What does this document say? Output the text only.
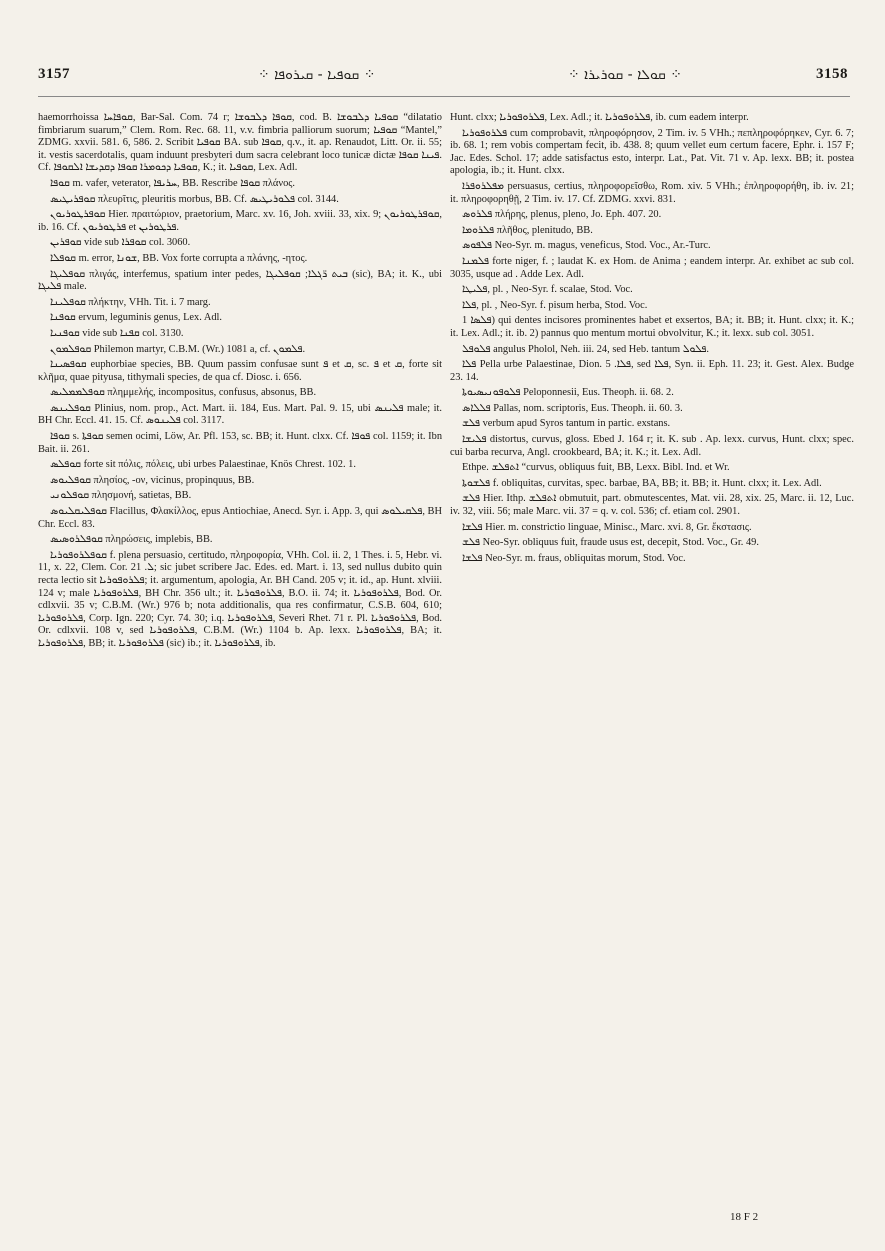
3157	⁘ ܩܘܦܝܐ - ܩܝܪܘܦܐ ⁘	⁘ ܩܘܠܐ - ܩܘܪܝܪܐ ⁘	3158

haemorrhoissa ܩܘܦܐܚܐ, Bar-Sal. Com. 74 r; ܩܘܦܐ ܕܠܒܘܫܐ, cod. B. ܩܘܦܝܐ ܕܠܒܘܫܐ “dilatatio fimbriarum suarum,” Clem. Rom. Rec. 68. 11, v.v. fimbria palliorum suorum; ܩܘܦܝܐ “Mantel,” ZDMG. xxvii. 581. 6, 586. 2. Scribit ܩܘܦܝܐ BA. sub ܩܘܦܐ, q.v., it. ap. Renaudot, Litt. Or. ii. 55; it. vestis sacerdotalis, quam induunt presbyteri dum sacra celebrant loco tunicæ dictæ ܦܝܢܐ ܩܘܦܐ. Cf. ܩܘܦܝܐ ܕܟܘܡܪܐ ܩܘܦܐ ܕܩܕܝܫܐ ܐܠܩܘܦܐ, K.; it. ܩܘܦܝܐ, Lex. Adl.

ܩܘܦܐ m. vafer, veterator, ܚܪܝܦܐ, BB. Rescribe ܩܘܦܐ πλάνος.

ܩܘܦܪܝܛܝܣ πλευρῖτις, pleuritis morbus, BB. Cf. ܦܠܘܪܝܛܝܣ col. 3144.

ܩܘܦܪܛܘܪܝܘܢ Hier. πραιτώριον, praetorium, Marc. xv. 16, Joh. xviii. 33, xix. 9; ܩܘܦܪܛܘܪܝܘܢ, ib. 16. Cf. ܦܪܛܘܪܝܘܢ et ܦܪܛܘܪܝܢ.

ܩܘܦܪܝܢ vide sub ܩܘܦܪܐ col. 3060.

ܩܘܦܠܐ m. error, ܫܘܢܐ, BB. Vox forte corrupta a πλάνης, -ητος.

ܩܘܦܠܝܓܐ πλιγάς, interfemus, spatium inter pedes, ܒܝܬ ܪ̈ܓܠܐ; ܩܘܦܠܝܓܐ (sic), BA; it. K., ubi ܦܠܝܓܐ male.

ܩܘܦܠܝܢܐ πλήκτην, VHh. Tit. i. 7 marg.

ܩܘܦܢܐ ervum, leguminis genus, Lex. Adl.

ܩܘܦܢܝܐ vide sub ܩܦܢܐ col. 3130.

ܩܘܦܠܡܘܢ Philemon martyr, C.B.M. (Wr.) 1081 a, cf. ܦܠܡܘܢ.

ܩܘܦܣܝܢܐ euphorbiae species, BB. Quum passim confusae sunt ܦ et ܩ, sc. ܦ et ܩ, forte sit κλῆμα, quae pityusa, tithymali species, de qua cf. Diosc. i. 656.

ܩܘܦܠܡܡܠܝܣ πλημμελής, incompositus, confusus, absonus, BB.

ܩܘܦܠܝܢܣ Plinius, nom. prop., Act. Mart. ii. 184, Eus. Mart. Pal. 9. 15, ubi ܦܠܝܢܣ male; it. BH Chr. Eccl. 41. 15. Cf. ܦܠܝܢܘܣ col. 3117.

ܩܘܦܐ s. ܩܘܦܬܐ semen ocimi, Löw, Ar. Pfl. 153, sc. BB; it. Hunt. clxx. Cf. ܦܘܦܐ col. 1159; it. Ibn Bait. ii. 261.

ܩܘܦܠܣ forte sit πόλις, πόλεις, ubi urbes Palaestinae, Knös Chrest. 102. 1.

ܩܘܦܠܝܘܣ πλησίος, -ον, vicinus, propinquus, BB.

ܩܘܦܠܘܢܝ πλησμονή, satietas, BB.

ܩܘܦܠܝܩܠܝܘܣ Flacillus, Φλακίλλος, epus Antiochiae, Anecd. Syr. i. App. 3, qui ܦܠܩܝܠܘܣ, BH Chr. Eccl. 83.

ܩܘܦܠܪܘܣܝܣ πληρώσεις, implebis, BB.

ܩܘܦܠܪܘܦܘܪܝܐ f. plena persuasio, certitudo, πληροφορία, VHh. Col. ii. 2, 1 Thes. i. 5, Hebr. vi. 11, x. 22, Clem. Cor. ܠ. 21; sic jubet scribere Jac. Edes. ed. Mart. i. 13, sed nullus dubito quin recta lectio sit ܦܠܪܘܦܘܪܝܐ; it. argumentum, apologia, Ar. BH Cand. 205 v; it. id., ap. Hunt. xlviii. 124 v; male ܦܠܪܘܦܘܪܝܐ, BH Chr. 356 ult.; it. ܦܠܪܘܦܘܪܝܐ, B.O. ii. 74; it. ܦܠܪܘܦܘܪܝܐ, Bod. Or. cdlxvii. 35 v; C.B.M. (Wr.) 976 b; nota additionalis, qua res confirmatur, C.S.B. 604, 610; ܦܠܪܘܦܘܪܝܐ, Corp. Ign. 220; Cyr. 74. 30; i.q. ܦܠܪܘܦܘܪܝܐ, Severi Rhet. 71 r. Pl. ܦܠܪܘܦܘܪܝܐ, Bod. Or. cdlxvii. 108 v, sed ܦܠܪܘܦܘܪܝܐ, C.B.M. (Wr.) 1104 b. Ap. lexx. ܦܠܪܘܦܘܪܝܐ, BA; it. ܦܠܪܘܦܘܪܝܐ, BB; it. ܦܠܪܘܦܘܪܝܐ (sic) ib.; it. ܦܠܪܘܦܘܪܝܐ, ib.

Hunt. clxx; ܦܠܪܘܦܘܪܝܐ, Lex. Adl.; it. ܦܠܪܘܦܘܪܝܐ, ib. cum eadem interpr.

ܦܠܪܘܦܘܪܝܐ cum comprobavit, πληροφόρησον, 2 Tim. iv. 5 VHh.; πεπληροφόρηκεν, Cyr. 6. 7; ib. 68. 1; rem vobis compertam fecit, ib. 438. 8; quum vellet eum certum facere, Ephr. i. 157 F; Jac. Edes. Schol. 17; adde satisfactus esto, interpr. Lat., Pat. Vit. 71 v. Ap. lexx. BB; it. postea apologia, ib.; it. Hunt. clxx.

ܡܦܠܪܘܦܪܐ persuasus, certius, πληροφορεῖσθω, Rom. xiv. 5 VHh.; ἐπληροφορήθη, ib. iv. 21; it. πληροφορηθῇ, 2 Tim. iv. 17. Cf. ZDMG. xxvi. 831.

ܦܠܪܘܣ πλήρης, plenus, pleno, Jo. Eph. 407. 20.

ܦܠܪܘܡܐ πλῆθος, plenitudo, BB.

ܦܠܦܘܣ Neo-Syr. m. magus, veneficus, Stod. Voc., Ar.-Turc.

ܦܠܡܢܐ forte niger, f. ; laudat K. ex Hom. de Anima ; eandem interpr. Ar. exhibet ac sub col. 3035, usque ad . Adde Lex. Adl.

ܦܠܝܛܐ, pl. , Neo-Syr. f. scalae, Stod. Voc.

ܦܠܐ, pl. , Neo-Syr. f. pisum herba, Stod. Voc.

ܦܠܣܐ 1) qui dentes incisores prominentes habet et exsertos, BA; it. BB; it. Hunt. clxx; it. K.; it. Lex. Adl.; it. ib. 2) pannus quo mentum mortui obvolvitur, K.; it. lexx. sub col. 3051.

ܦܠܘܦܠ angulus Pholol, Neh. iii. 24, sed Heb. tantum ܦܠܘܠ.

ܦܠܐ Pella urbe Palaestinae, Dion. ܦܠܐ. 5, sed ܦܠܐ, Syn. ii. Eph. 11. 23; it. Gest. Alex. Budge 23. 14.

ܦܠܘܦܘܢܝܣܝܘܬܐ Peloponnesii, Eus. Theoph. ii. 68. 2.

ܦܠܠܐܣ Pallas, nom. scriptoris, Eus. Theoph. ii. 60. 3.

ܦܠܫ verbum apud Syros tantum in partic. exstans.

ܦܠܝܫܐ distortus, curvus, gloss. Ebed J. 164 r; it. K. sub . Ap. lexx. curvus, Hunt. clxx; spec. cui barba recurva, Angl. crookbeard, BA; it. K.; it. Lex. Adl.

Ethpe. ܐܬܦܠܫ “curvus, obliquus fuit, BB, Lexx. Bibl. Ind. et Wr.

ܦܠܫܘܬܐ f. obliquitas, curvitas, spec. barbae, BA, BB; it. BB; it. Hunt. clxx; it. Lex. Adl.

ܦܠܫ Hier. Ithp. ܐܬܦܠܫ obmutuit, part. obmutescentes, Mat. vii. 28, xix. 25, Marc. ii. 12, Luc. iv. 32, viii. 56; male Marc. vii. 37 = q. v. col. 536; cf. etiam col. 2901.

ܦܠܫܐ Hier. m. constrictio linguae, Minisc., Marc. xvi. 8, Gr. ἔκστασις.

ܦܠܫ Neo-Syr. obliquus fuit, fraude usus est, decepit, Stod. Voc., Gr. 49.

ܦܠܫܐ Neo-Syr. m. fraus, obliquitas morum, Stod. Voc.

18 F 2
